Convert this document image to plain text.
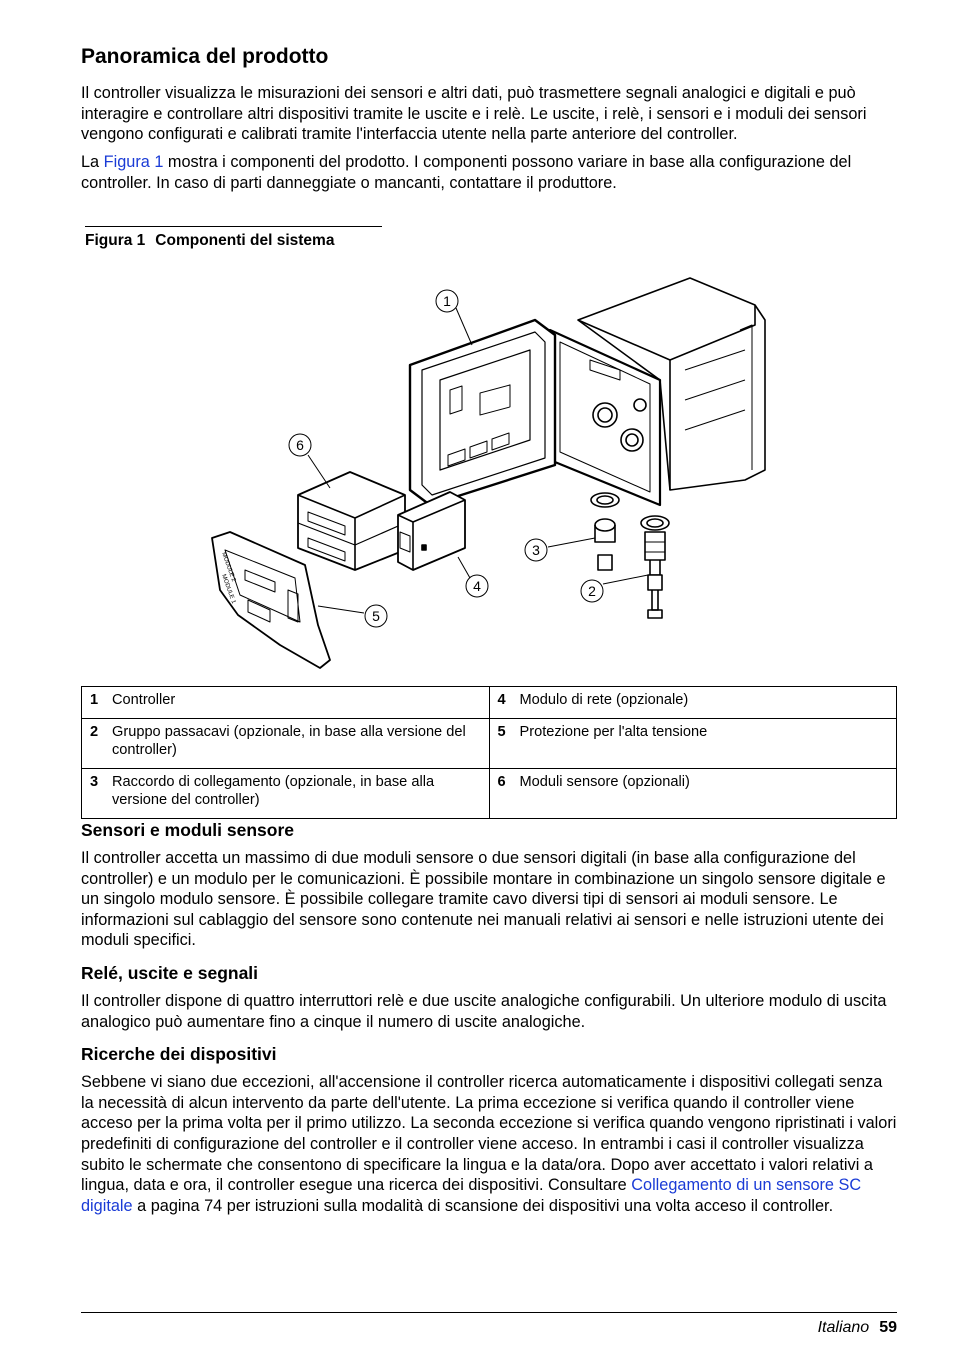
Panoramica del prodotto

Il controller visualizza le misurazioni dei sensori e altri dati, può trasmettere segnali analogici e digitali e può interagire e controllare altri dispositivi tramite le uscite e i relè. Le uscite, i relè, i sensori e i moduli dei sensori vengono configurati e calibrati tramite l'interfaccia utente nella parte anteriore del controller.

La Figura 1 mostra i componenti del prodotto. I componenti possono variare in base alla configurazione del controller. In caso di parti danneggiate o mancanti, contattare il produttore.

Figura 1 Componenti del sistema
MODULE 2
MODULE 1
1
2
3
4
5
6
1 Controller	4 Modulo di rete (opzionale)

2 Gruppo passacavi (opzionale, in base alla versione del controller)	5 Protezione per l'alta tensione

3 Raccordo di collegamento (opzionale, in base alla versione del controller)	6 Moduli sensore (opzionali)
Sensori e moduli sensore

Il controller accetta un massimo di due moduli sensore o due sensori digitali (in base alla configurazione del controller) e un modulo per le comunicazioni. È possibile montare in combinazione un singolo sensore digitale e un singolo modulo sensore. È possibile collegare tramite cavo diversi tipi di sensori ai moduli sensore. Le informazioni sul cablaggio del sensore sono contenute nei manuali relativi ai sensori e nelle istruzioni utente dei moduli specifici.

Relé, uscite e segnali

Il controller dispone di quattro interruttori relè e due uscite analogiche configurabili. Un ulteriore modulo di uscita analogico può aumentare fino a cinque il numero di uscite analogiche.

Ricerche dei dispositivi

Sebbene vi siano due eccezioni, all'accensione il controller ricerca automaticamente i dispositivi collegati senza la necessità di alcun intervento da parte dell'utente. La prima eccezione si verifica quando il controller viene acceso per la prima volta per il primo utilizzo. La seconda eccezione si verifica quando vengono ripristinati i valori predefiniti di configurazione del controller e il controller viene acceso. In entrambi i casi il controller visualizza subito le schermate che consentono di specificare la lingua e la data/ora. Dopo aver accettato i valori relativi a lingua, data e ora, il controller esegue una ricerca dei dispositivi. Consultare Collegamento di un sensore SC digitale a pagina 74 per istruzioni sulla modalità di scansione dei dispositivi una volta acceso il controller.

Italiano 59
